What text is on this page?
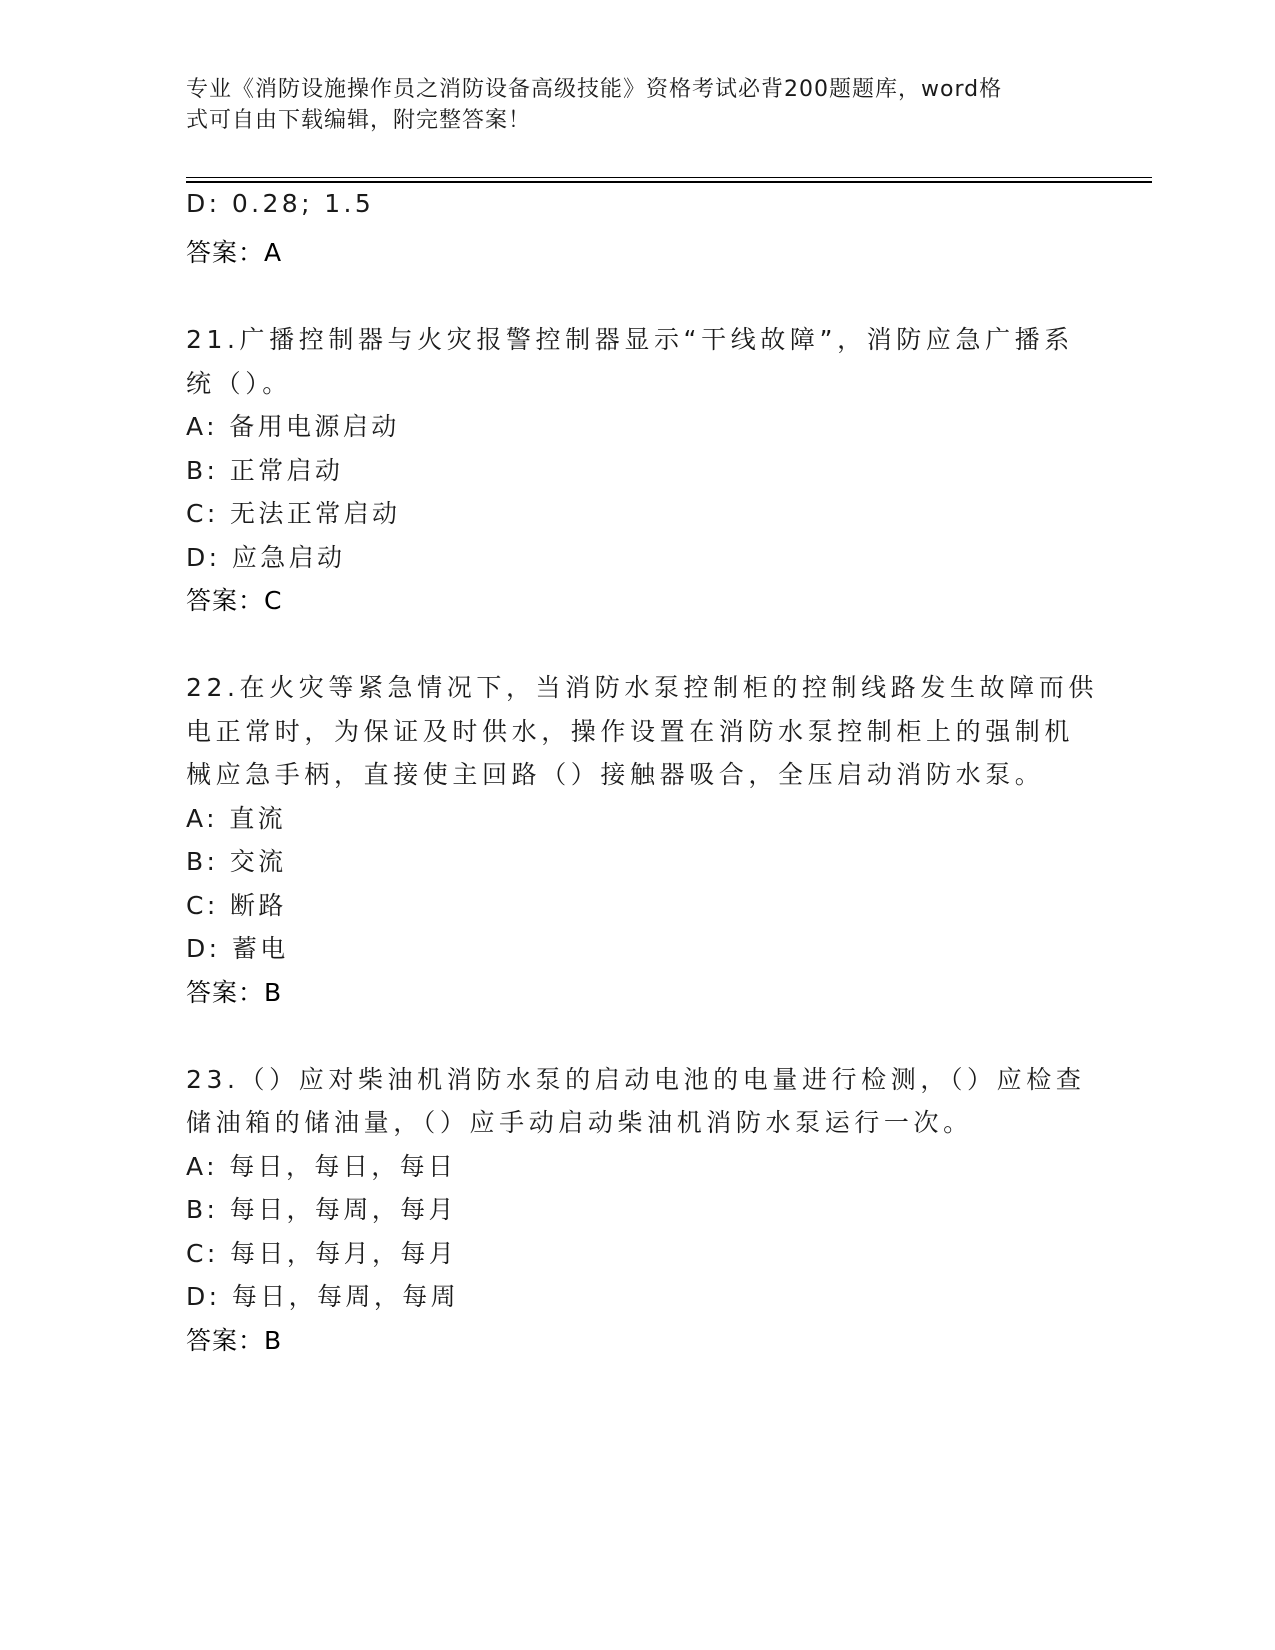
专业《消防设施操作员之消防设备高级技能》资格考试必背200题题库，word格
式可自由下载编辑，附完整答案！
D: 0.28; 1.5
答案：A
21.广播控制器与火灾报警控制器显示“干线故障”，消防应急广播系
统（）。
A: 备用电源启动
B: 正常启动
C: 无法正常启动
D: 应急启动
答案：C
22.在火灾等紧急情况下，当消防水泵控制柜的控制线路发生故障而供
电正常时，为保证及时供水，操作设置在消防水泵控制柜上的强制机
械应急手柄，直接使主回路（）接触器吸合，全压启动消防水泵。
A: 直流
B: 交流
C: 断路
D: 蓄电
答案：B
23.（）应对柴油机消防水泵的启动电池的电量进行检测，（）应检查
储油箱的储油量，（）应手动启动柴油机消防水泵运行一次。
A: 每日，每日，每日
B: 每日，每周，每月
C: 每日，每月，每月
D: 每日，每周，每周
答案：B
